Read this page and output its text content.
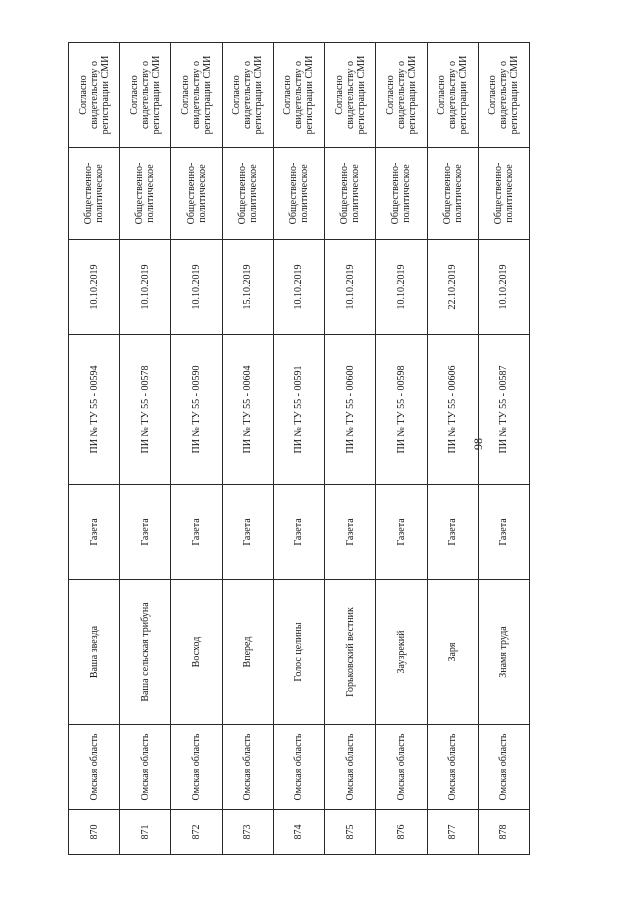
98
870	Омская область	Ваша звезда	Газета	ПИ № ТУ 55 - 00594	10.10.2019	Общественно-политическое	Согласно свидетельству о регистрации СМИ
871	Омская область	Ваша сельская трибуна	Газета	ПИ № ТУ 55 - 00578	10.10.2019	Общественно-политическое	Согласно свидетельству о регистрации СМИ
872	Омская область	Восход	Газета	ПИ № ТУ 55 - 00590	10.10.2019	Общественно-политическое	Согласно свидетельству о регистрации СМИ
873	Омская область	Вперед	Газета	ПИ № ТУ 55 - 00604	15.10.2019	Общественно-политическое	Согласно свидетельству о регистрации СМИ
874	Омская область	Голос целины	Газета	ПИ № ТУ 55 - 00591	10.10.2019	Общественно-политическое	Согласно свидетельству о регистрации СМИ
875	Омская область	Горьковский вестник	Газета	ПИ № ТУ 55 - 00600	10.10.2019	Общественно-политическое	Согласно свидетельству о регистрации СМИ
876	Омская область	Заузрекий	Газета	ПИ № ТУ 55 - 00598	10.10.2019	Общественно-политическое	Согласно свидетельству о регистрации СМИ
877	Омская область	Заря	Газета	ПИ № ТУ 55 - 00606	22.10.2019	Общественно-политическое	Согласно свидетельству о регистрации СМИ
878	Омская область	Знамя труда	Газета	ПИ № ТУ 55 - 00587	10.10.2019	Общественно-политическое	Согласно свидетельству о регистрации СМИ
